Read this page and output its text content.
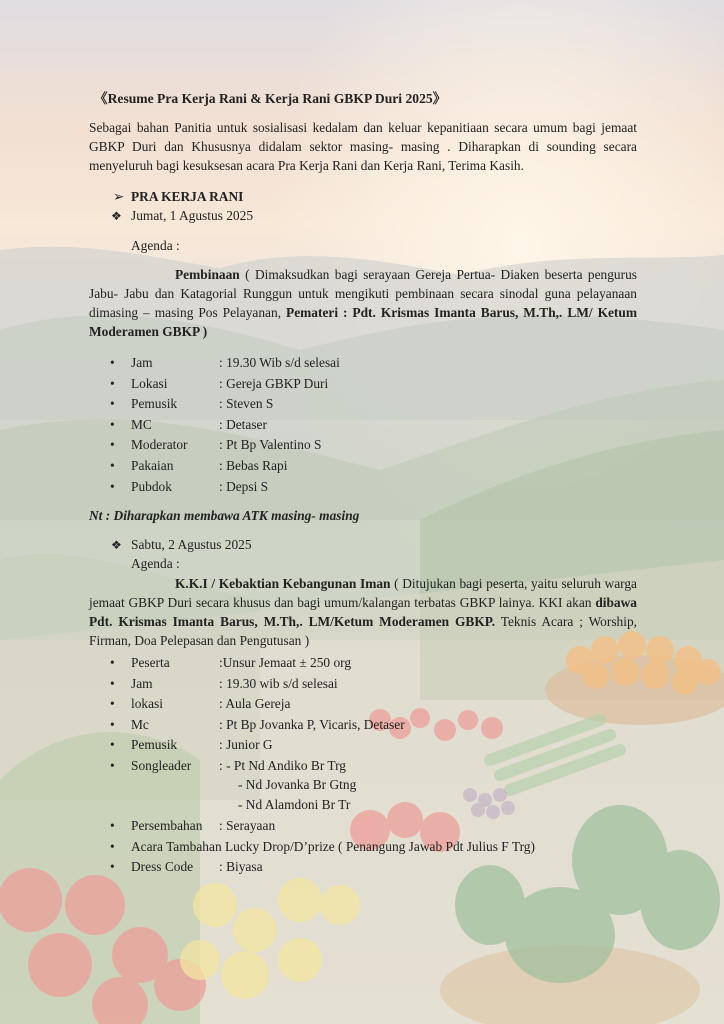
《Resume Pra Kerja Rani & Kerja Rani GBKP Duri 2025》
Sebagai bahan Panitia untuk sosialisasi kedalam dan keluar kepanitiaan secara umum bagi jemaat GBKP Duri dan Khususnya didalam sektor masing- masing . Diharapkan di sounding secara menyeluruh bagi kesuksesan acara Pra Kerja Rani dan Kerja Rani, Terima Kasih.
➢ PRA KERJA RANI
❖ Jumat, 1 Agustus 2025
Agenda :
Pembinaan ( Dimaksudkan bagi serayaan Gereja Pertua- Diaken beserta pengurus Jabu- Jabu dan Katagorial Runggun untuk mengikuti pembinaan secara sinodal guna pelayanaan dimasing – masing Pos Pelayanan, Pemateri : Pdt. Krismas Imanta Barus, M.Th,. LM/ Ketum Moderamen GBKP )
•	Jam	: 19.30 Wib s/d selesai
•	Lokasi	: Gereja GBKP Duri
•	Pemusik	: Steven S
•	MC	: Detaser
•	Moderator	: Pt Bp Valentino S
•	Pakaian	: Bebas Rapi
•	Pubdok	: Depsi S
Nt : Diharapkan membawa ATK masing- masing
❖ Sabtu, 2 Agustus 2025
Agenda :
K.K.I / Kebaktian Kebangunan Iman ( Ditujukan bagi peserta, yaitu seluruh warga jemaat GBKP Duri secara khusus dan bagi umum/kalangan terbatas GBKP lainya. KKI akan dibawa Pdt. Krismas Imanta Barus, M.Th,. LM/Ketum Moderamen GBKP. Teknis Acara ; Worship, Firman, Doa Pelepasan dan Pengutusan )
•	Peserta	:Unsur Jemaat ± 250 org
•	Jam	: 19.30 wib s/d selesai
•	lokasi	: Aula Gereja
•	Mc	: Pt Bp Jovanka P, Vicaris, Detaser
•	Pemusik	: Junior G
•	Songleader	: - Pt Nd Andiko Br Trg
- Nd Jovanka Br Gtng
- Nd Alamdoni Br Tr
•	Persembahan	: Serayaan
•	Acara Tambahan Lucky Drop/D’prize ( Penangung Jawab Pdt Julius F Trg)
•	Dress Code	: Biyasa
